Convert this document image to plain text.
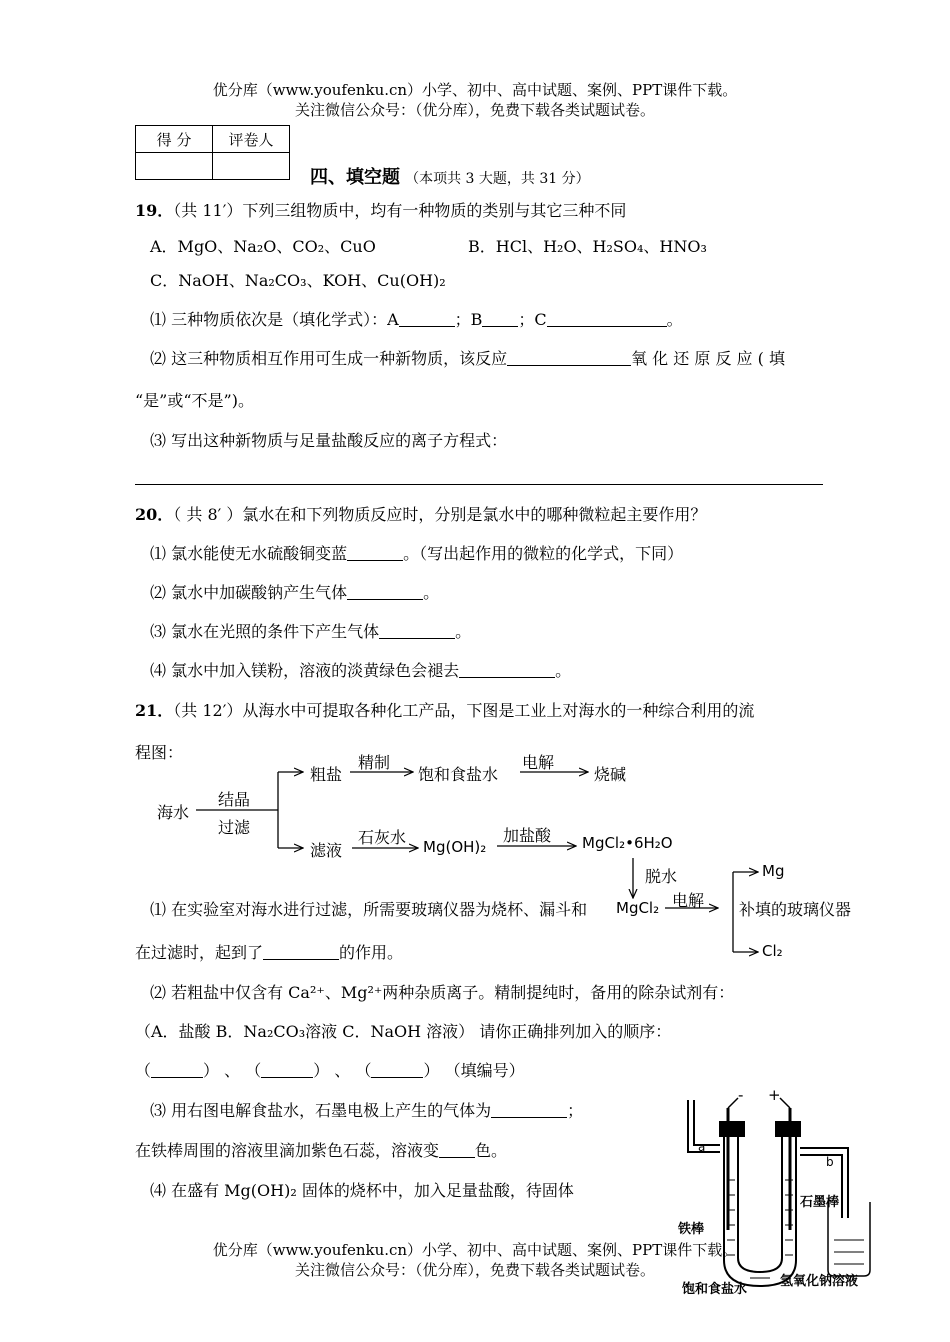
优分库（www.youfenku.cn）小学、初中、高中试题、案例、PPT课件下载。
关注微信公众号：（优分库），免费下载各类试题试卷。
得 分	评卷人

四、填空题 （本项共 3 大题，共 31 分）
19．（共 11′）下列三组物质中，均有一种物质的类别与其它三种不同
A．MgO、Na₂O、CO₂、CuO	B．HCl、H₂O、H₂SO₄、HNO₃
C．NaOH、Na₂CO₃、KOH、Cu(OH)₂
⑴ 三种物质依次是（填化学式）：A	；B ；C	。
⑵ 这三种物质相互作用可生成一种新物质，该反应	氧 化 还 原 反 应 ( 填
“是”或“不是”)。
⑶ 写出这种新物质与足量盐酸反应的离子方程式：
20．（ 共 8′ ）氯水在和下列物质反应时，分别是氯水中的哪种微粒起主要作用？
⑴ 氯水能使无水硫酸铜变蓝	。（写出起作用的微粒的化学式，下同）
⑵ 氯水中加碳酸钠产生气体	。
⑶ 氯水在光照的条件下产生气体	。
⑷ 氯水中加入镁粉，溶液的淡黄绿色会褪去	。
21．（共 12′）从海水中可提取各种化工产品，下图是工业上对海水的一种综合利用的流
程图：
海水
结晶
过滤
粗盐
精制
饱和食盐水
电解
烧碱
滤液
石灰水 Mg(OH)₂
加盐酸 MgCl₂•6H₂O
脱水
MgCl₂ 电解
Mg
Cl₂
⑴ 在实验室对海水进行过滤，所需要玻璃仪器为烧杯、漏斗和	补填的玻璃仪器
在过滤时，起到了	的作用。
⑵ 若粗盐中仅含有 Ca²⁺、Mg²⁺两种杂质离子。精制提纯时，备用的除杂试剂有：
（A．盐酸 B．Na₂CO₃溶液 C．NaOH 溶液） 请你正确排列加入的顺序：
（	） 、 （	） 、 （	） （填编号）
⑶ 用右图电解食盐水，石墨电极上产生的气体为	；
在铁棒周围的溶液里滴加紫色石蕊，溶液变 色。
⑷ 在盛有 Mg(OH)₂ 固体的烧杯中，加入足量盐酸，待固体
- +
a
b
石墨棒
铁棒
饱和食盐水
氢氧化钠溶液
优分库（www.youfenku.cn）小学、初中、高中试题、案例、PPT课件下载。
关注微信公众号：（优分库），免费下载各类试题试卷。
